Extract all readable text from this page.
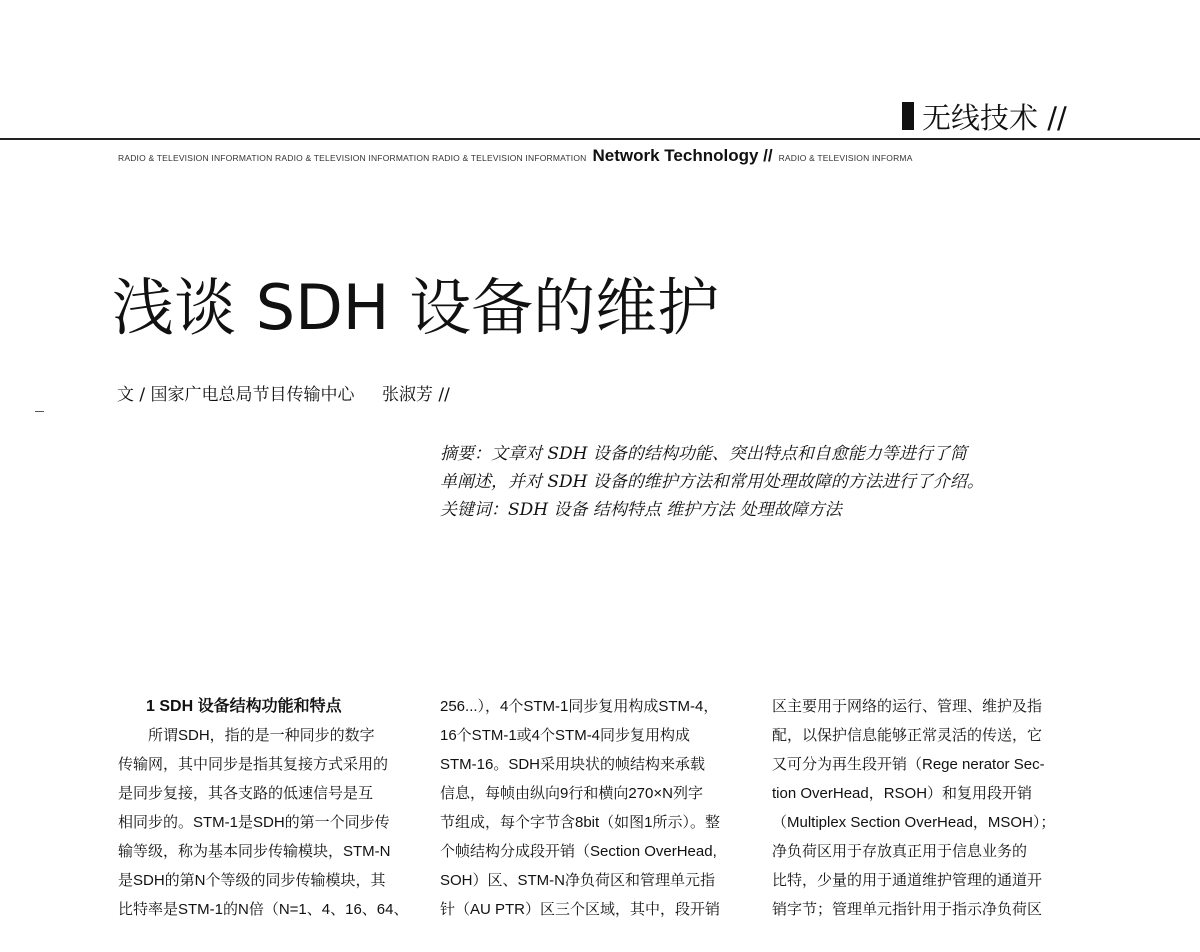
无线技术 //
RADIO & TELEVISION INFORMATION RADIO & TELEVISION INFORMATION RADIO & TELEVISION INFORMATION Network Technology // RADIO & TELEVISION INFORMA
浅谈 SDH 设备的维护
文 / 国家广电总局节目传输中心 张淑芳 //

摘要：文章对 SDH 设备的结构功能、突出特点和自愈能力等进行了简

单阐述，并对 SDH 设备的维护方法和常用处理故障的方法进行了介绍。

关键词：SDH 设备 结构特点 维护方法 处理故障方法

1 SDH 设备结构功能和特点

　　所谓SDH，指的是一种同步的数字

传输网，其中同步是指其复接方式采用的

是同步复接，其各支路的低速信号是互

相同步的。STM-1是SDH的第一个同步传

输等级，称为基本同步传输模块，STM-N

是SDH的第N个等级的同步传输模块，其

比特率是STM-1的N倍（N=1、4、16、64、

256...），4个STM-1同步复用构成STM-4，

16个STM-1或4个STM-4同步复用构成

STM-16。SDH采用块状的帧结构来承载

信息，每帧由纵向9行和横向270×N列字

节组成，每个字节含8bit（如图1所示）。整

个帧结构分成段开销（Section OverHead,

SOH）区、STM-N净负荷区和管理单元指

针（AU PTR）区三个区域，其中，段开销

区主要用于网络的运行、管理、维护及指

配，以保护信息能够正常灵活的传送，它

又可分为再生段开销（Rege nerator Sec-

tion OverHead，RSOH）和复用段开销

（Multiplex Section OverHead，MSOH）；

净负荷区用于存放真正用于信息业务的

比特，少量的用于通道维护管理的通道开

销字节；管理单元指针用于指示净负荷区
